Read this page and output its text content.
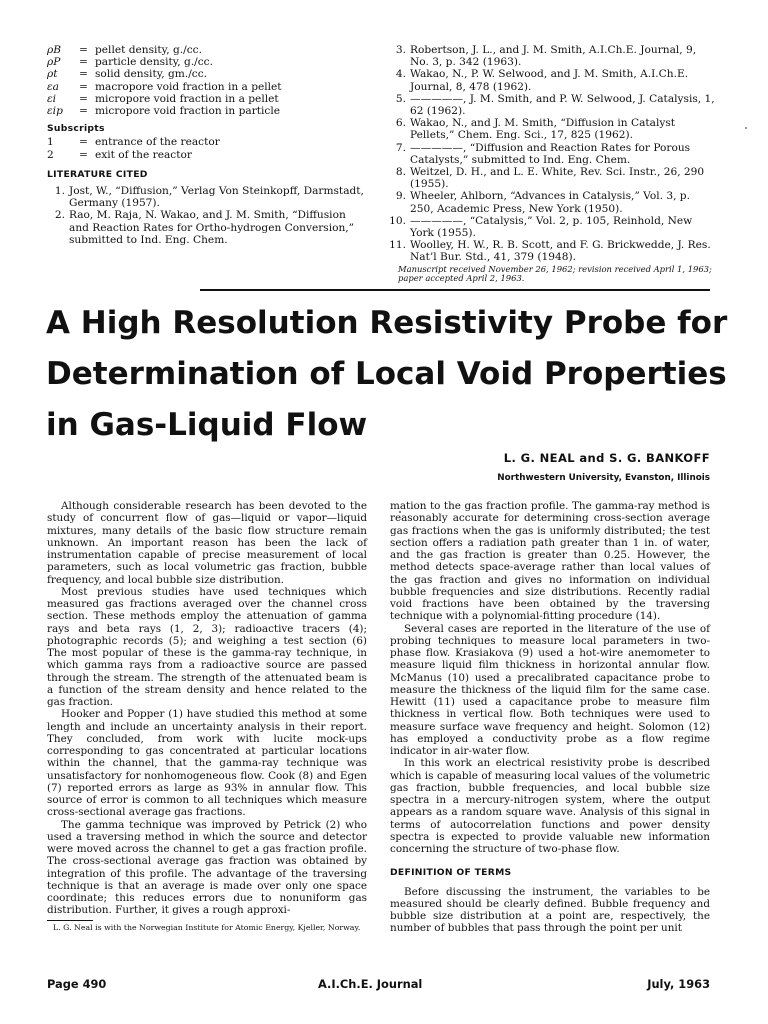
ρB	= pellet density, g./cc.
ρP	= particle density, g./cc.
ρt	= solid density, gm./cc.
εa	= macropore void fraction in a pellet
εi	= micropore void fraction in a pellet
εip	= micropore void fraction in particle
Subscripts
1	= entrance of the reactor
2	= exit of the reactor
LITERATURE CITED
1. Jost, W., “Diffusion,” Verlag Von Steinkopff, Darmstadt, Germany (1957).
2. Rao, M. Raja, N. Wakao, and J. M. Smith, “Diffusion and Reaction Rates for Ortho-hydrogen Conversion,” submitted to Ind. Eng. Chem.
3. Robertson, J. L., and J. M. Smith, A.I.Ch.E. Journal, 9, No. 3, p. 342 (1963).
4. Wakao, N., P. W. Selwood, and J. M. Smith, A.I.Ch.E. Journal, 8, 478 (1962).
5. —————, J. M. Smith, and P. W. Selwood, J. Catalysis, 1, 62 (1962).
6. Wakao, N., and J. M. Smith, “Diffusion in Catalyst Pellets,” Chem. Eng. Sci., 17, 825 (1962).
7. —————, “Diffusion and Reaction Rates for Porous Catalysts,” submitted to Ind. Eng. Chem.
8. Weitzel, D. H., and L. E. White, Rev. Sci. Instr., 26, 290 (1955).
9. Wheeler, Ahlborn, “Advances in Catalysis,” Vol. 3, p. 250, Academic Press, New York (1950).
10. —————, “Catalysis,” Vol. 2, p. 105, Reinhold, New York (1955).
11. Woolley, H. W., R. B. Scott, and F. G. Brickwedde, J. Res. Nat’l Bur. Std., 41, 379 (1948).
Manuscript received November 26, 1962; revision received April 1, 1963; paper accepted April 2, 1963.
A High Resolution Resistivity Probe for
Determination of Local Void Properties
in Gas-Liquid Flow
L. G. NEAL and S. G. BANKOFF
Northwestern University, Evanston, Illinois

Although considerable research has been devoted to the study of concurrent flow of gas—liquid or vapor—liquid mixtures, many details of the basic flow structure remain unknown. An important reason has been the lack of instrumentation capable of precise measurement of local parameters, such as local volumetric gas fraction, bubble frequency, and local bubble size distribution.

Most previous studies have used techniques which measured gas fractions averaged over the channel cross section. These methods employ the attenuation of gamma rays and beta rays (1, 2, 3); radioactive tracers (4); photographic records (5); and weighing a test section (6) The most popular of these is the gamma-ray technique, in which gamma rays from a radioactive source are passed through the stream. The strength of the attenuated beam is a function of the stream density and hence related to the gas fraction.

Hooker and Popper (1) have studied this method at some length and include an uncertainty analysis in their report. They concluded, from work with lucite mock-ups corresponding to gas concentrated at particular locations within the channel, that the gamma-ray technique was unsatisfactory for nonhomogeneous flow. Cook (8) and Egen (7) reported errors as large as 93% in annular flow. This source of error is common to all techniques which measure cross-sectional average gas fractions.

The gamma technique was improved by Petrick (2) who used a traversing method in which the source and detector were moved across the channel to get a gas fraction profile. The cross-sectional average gas fraction was obtained by integration of this profile. The advantage of the traversing technique is that an average is made over only one space coordinate; this reduces errors due to nonuniform gas distribution. Further, it gives a rough approxi-

L. G. Neal is with the Norwegian Institute for Atomic Energy, Kjeller, Norway.

mation to the gas fraction profile. The gamma-ray method is reasonably accurate for determining cross-section average gas fractions when the gas is uniformly distributed; the test section offers a radiation path greater than 1 in. of water, and the gas fraction is greater than 0.25. However, the method detects space-average rather than local values of the gas fraction and gives no information on individual bubble frequencies and size distributions. Recently radial void fractions have been obtained by the traversing technique with a polynomial-fitting procedure (14).

Several cases are reported in the literature of the use of probing techniques to measure local parameters in two-phase flow. Krasiakova (9) used a hot-wire anemometer to measure liquid film thickness in horizontal annular flow. McManus (10) used a precalibrated capacitance probe to measure the thickness of the liquid film for the same case. Hewitt (11) used a capacitance probe to measure film thickness in vertical flow. Both techniques were used to measure surface wave frequency and height. Solomon (12) has employed a conductivity probe as a flow regime indicator in air-water flow.

In this work an electrical resistivity probe is described which is capable of measuring local values of the volumetric gas fraction, bubble frequencies, and local bubble size spectra in a mercury-nitrogen system, where the output appears as a random square wave. Analysis of this signal in terms of autocorrelation functions and power density spectra is expected to provide valuable new information concerning the structure of two-phase flow.

DEFINITION OF TERMS

Before discussing the instrument, the variables to be measured should be clearly defined. Bubble frequency and bubble size distribution at a point are, respectively, the number of bubbles that pass through the point per unit

Page 490	A.I.Ch.E. Journal	July, 1963
